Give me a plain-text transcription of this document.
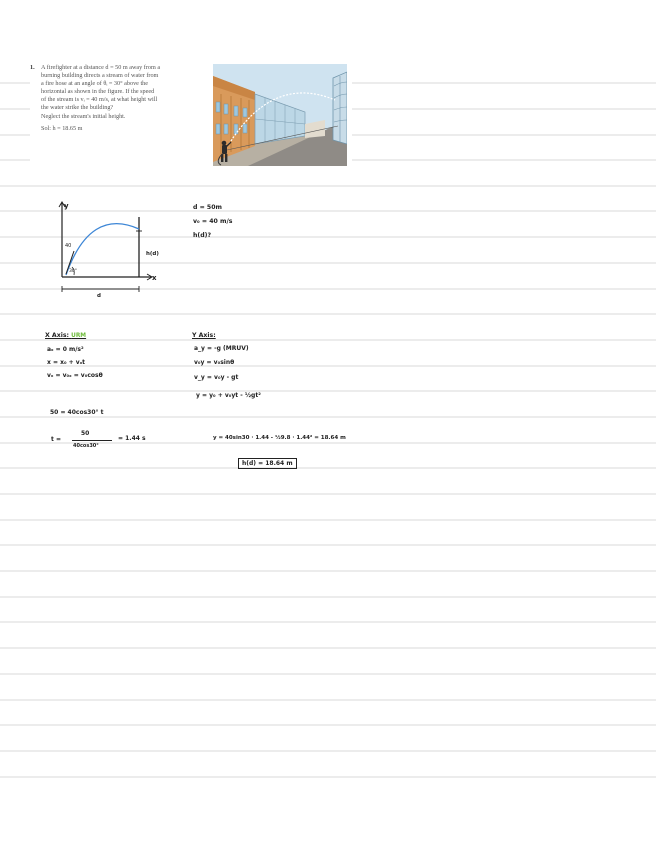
1. A firefighter at a distance d = 50 m away from a

burning building directs a stream of water from

a fire hose at an angle of θᵢ = 30° above the

horizontal as shown in the figure. If the speed

of the stream is vᵢ = 40 m/s, at what height will

the water strike the building?

Neglect the stream's initial height.

Sol: h = 18.65 m

y
x
40
30°
h(d)
d
d = 50m
v₀ = 40 m/s
h(d)?
X Axis: URM
aₓ = 0 m/s²
x = x₀ + vₓt
vₓ = v₀ₓ = v₀cosθ
Y Axis:
a_y = -g (MRUV)
v₀y = v₀sinθ
v_y = v₀y - gt
y = y₀ + v₀yt - ½gt²
50 = 40cos30° t
t =
50
40cos30°
= 1.44 s	y = 40sin30 · 1.44 - ½9.8 · 1.44² = 18.64 m
h(d) = 18.64 m
